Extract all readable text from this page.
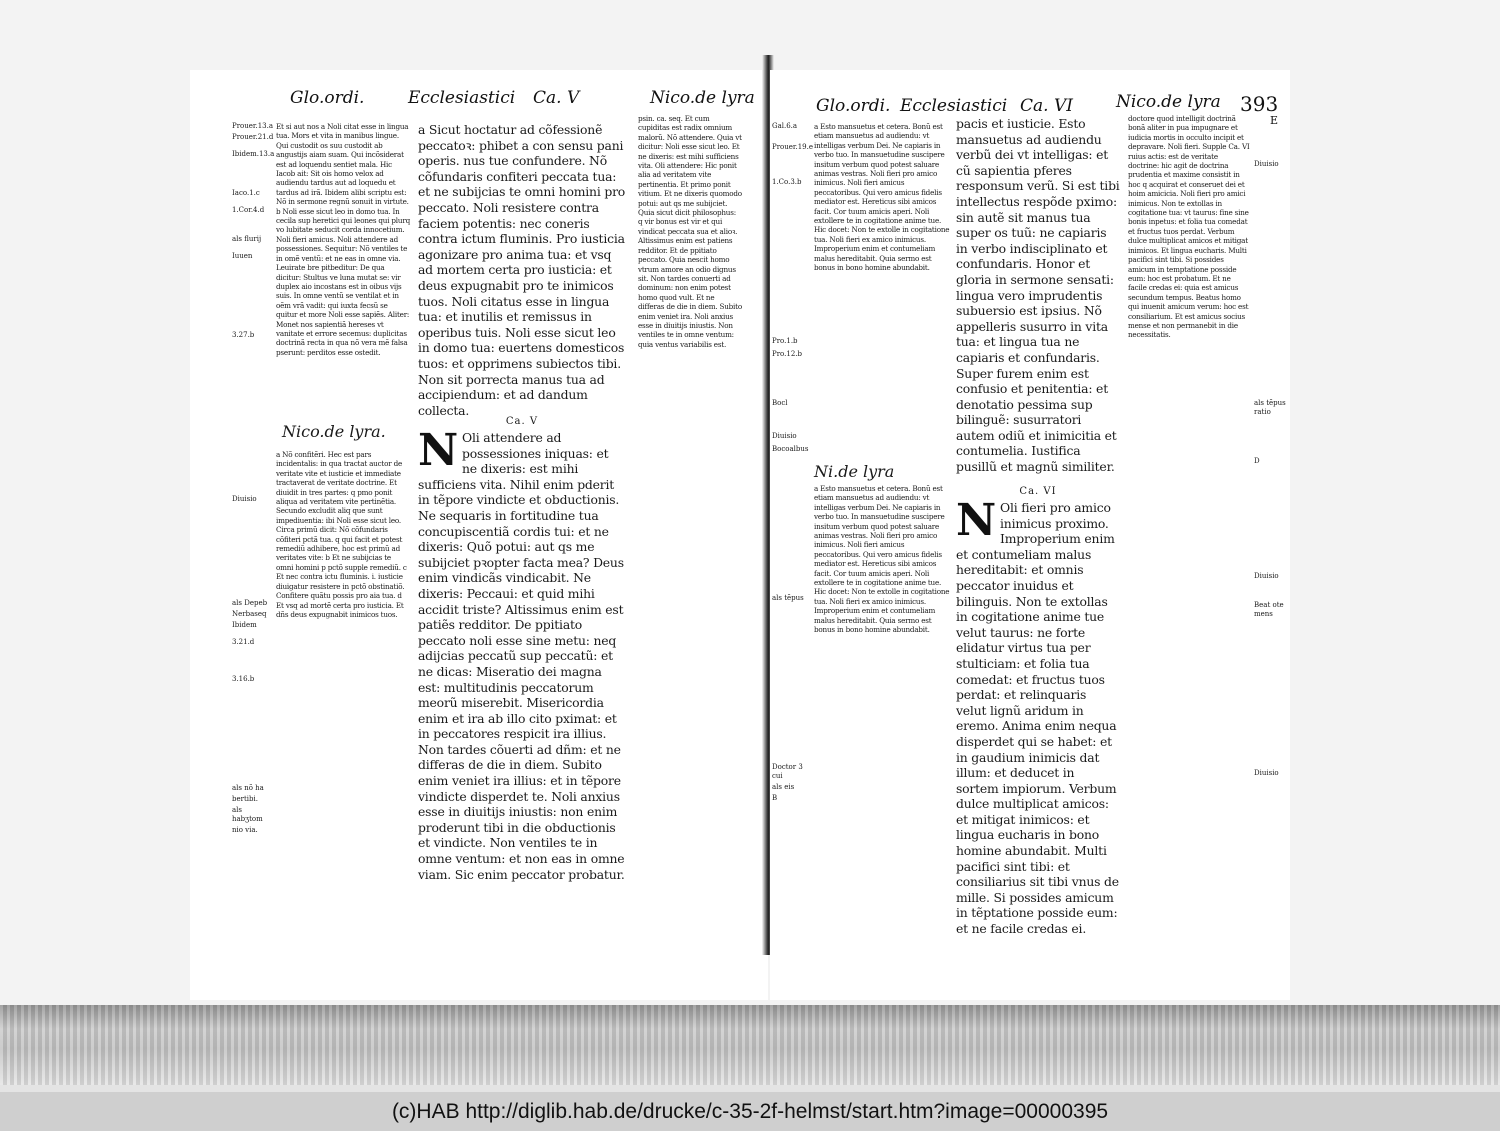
Glo.ordi.	Ecclesiastici Ca. V	Nico.de lyra

Prouer.13.a

Prouer.21.d

Ibidem.13.a

Iaco.1.c

1.Cor.4.d

als flurij

Iuuen

3.27.b

Diuisio

als Depeb

Nerbaseq

Ibidem

3.21.d

3.16.b

als nõ ha

bertibi.

als habʒtom

nio via.

Et si aut nos a Noli citat esse in lingua tua. Mors et vita in manibus lingue. Qui custodit os suu custodit ab angustijs aiam suam. Qui incõsiderat est ad loquendu sentiet mala. Hic Iacob ait: Sit ois homo velox ad audiendu tardus aut ad loquedu et tardus ad irã. Ibidem alibi scriptu est: Nõ in sermone regnũ sonuit in virtute. b Noli esse sicut leo in domo tua. In cecila sup heretici qui leones qui plurq vo lubitate seducit corda innocetium. Noli fieri amicus. Noli attendere ad possessiones. Sequitur: Nõ ventiles te in omẽ ventũ: et ne eas in omne via. Leuirate bre pitbeditur: De qua dicitur: Stultus ve luna mutat se: vir duplex aio incostans est in oibus vijs suis. In omne ventũ se ventilat et in oẽm vrã vadit: qui iuxta fecsũ se quitur et more Noli esse sapiẽs. Aliter: Monet nos sapientiã hereses vt vanitate et errore secemus: duplicitas doctrinã recta in qua nõ vera mẽ falsa pserunt: perditos esse ostedit.

Nico.de lyra.

a Nõ confitẽri. Hec est pars incidentalis: in qua tractat auctor de veritate vite et iusticie et immediate tractaverat de veritate doctrine. Et diuidit in tres partes: q pmo ponit aliqua ad veritatem vite pertinẽtia. Secundo excludit aliq que sunt impediuentia: ibi Noli esse sicut leo. Circa primũ dicit: Nõ cõfundaris cõfiteri pctã tua. q qui facit et potest remediũ adhibere, hoc est primũ ad veritates vite: b Et ne subijcias te omni homini p pctõ supple remediũ. c Et nec contra ictu fluminis. i. iusticie diuigatur resistere in pctõ obstinatiõ. Confitere quãtu possis pro aia tua. d Et vsq ad mortẽ certa pro iusticia. Et dñs deus expugnabit inimicos tuos.

a Sicut hoctatur ad cõfessionẽ peccatoꝛ: phibet a con sensu pani operis. nus tue confundere. Nõ cõfundaris confiteri peccata tua: et ne subijcias te omni homini pro peccato. Noli resistere contra faciem potentis: nec coneris contra ictum fluminis. Pro iusticia agonizare pro anima tua: et vsq ad mortem certa pro iusticia: et deus expugnabit pro te inimicos tuos. Noli citatus esse in lingua tua: et inutilis et remissus in operibus tuis. Noli esse sicut leo in domo tua: euertens domesticos tuos: et opprimens subiectos tibi. Non sit porrecta manus tua ad accipiendum: et ad dandum collecta.

Ca. V
N Oli attendere ad possessiones iniquas: et ne dixeris: est mihi sufficiens vita. Nihil enim pderit in tẽpore vindicte et obductionis. Ne sequaris in fortitudine tua concupiscentiã cordis tui: et ne dixeris: Quõ potui: aut qs me subijciet pꝛopter facta mea? Deus enim vindicãs vindicabit. Ne dixeris: Peccaui: et quid mihi accidit triste? Altissimus enim est patiẽs redditor. De ppitiato peccato noli esse sine metu: neq adijcias peccatũ sup peccatũ: et ne dicas: Miseratio dei magna est: multitudinis peccatorum meorũ miserebit. Misericordia enim et ira ab illo cito pximat: et in peccatores respicit ira illius. Non tardes cõuerti ad dñm: et ne differas de die in diem. Subito enim veniet ira illius: et in tẽpore vindicte disperdet te. Noli anxius esse in diuitijs iniustis: non enim proderunt tibi in die obductionis et vindicte. Non ventiles te in omne ventum: et non eas in omne viam. Sic enim peccator probatur.

psin. ca. seq. Et cum cupiditas est radix omnium malorũ. Nõ attendere. Quia vt dicitur: Noli esse sicut leo. Et ne dixeris: est mihi sufficiens vita. Oli attendere: Hic ponit alia ad veritatem vite pertinentia. Et primo ponit vitium. Et ne dixeris quomodo potui: aut qs me subijciet. Quia sicut dicit philosophus: q vir bonus est vir et qui vindicat peccata sua et alioꝛ. Altissimus enim est patiens redditor. Et de ppitiato peccato. Quia nescit homo vtrum amore an odio dignus sit. Non tardes conuerti ad dominum: non enim potest homo quod vult. Et ne differas de die in diem. Subito enim veniet ira. Noli anxius esse in diuitijs iniustis. Non ventiles te in omne ventum: quia ventus variabilis est.

Glo.ordi. Ecclesiastici Ca. VI	Nico.de lyra 393
E

Gal.6.a

Prouer.19.e

1.Co.3.b

Pro.1.b

Pro.12.b

Bocl

Diuisio

Bocoalbus

als tẽpus

Doctor 3 cui

als eis

B

a Esto mansuetus et cetera. Bonũ est etiam mansuetus ad audiendu: vt intelligas verbum Dei. Ne capiaris in verbo tuo. In mansuetudine suscipere insitum verbum quod potest saluare animas vestras. Noli fieri pro amico inimicus. Noli fieri amicus peccatoribus. Qui vero amicus fidelis mediator est. Hereticus sibi amicos facit. Cor tuum amicis aperi. Noli extollere te in cogitatione anime tue. Hic docet: Non te extolle in cogitatione tua. Noli fieri ex amico inimicus. Improperium enim et contumeliam malus hereditabit. Quia sermo est bonus in bono homine abundabit.

Ni.de lyra

a Esto mansuetus et cetera. Bonũ est etiam mansuetus ad audiendu: vt intelligas verbum Dei. Ne capiaris in verbo tuo. In mansuetudine suscipere insitum verbum quod potest saluare animas vestras. Noli fieri pro amico inimicus. Noli fieri amicus peccatoribus. Qui vero amicus fidelis mediator est. Hereticus sibi amicos facit. Cor tuum amicis aperi. Noli extollere te in cogitatione anime tue. Hic docet: Non te extolle in cogitatione tua. Noli fieri ex amico inimicus. Improperium enim et contumeliam malus hereditabit. Quia sermo est bonus in bono homine abundabit.

pacis et iusticie. Esto mansuetus ad audiendu verbũ dei vt intelligas: et cũ sapientia pferes responsum verũ. Si est tibi intellectus respõde pximo: sin autẽ sit manus tua super os tuũ: ne capiaris in verbo indisciplinato et confundaris. Honor et gloria in sermone sensati: lingua vero imprudentis subuersio est ipsius. Nõ appelleris susurro in vita tua: et lingua tua ne capiaris et confundaris. Super furem enim est confusio et penitentia: et denotatio pessima sup bilinguẽ: susurratori autem odiũ et inimicitia et contumelia. Iustifica pusillũ et magnũ similiter.

Ca. VI
N Oli fieri pro amico inimicus proximo. Improperium enim et contumeliam malus hereditabit: et omnis peccator inuidus et bilinguis. Non te extollas in cogitatione anime tue velut taurus: ne forte elidatur virtus tua per stulticiam: et folia tua comedat: et fructus tuos perdat: et relinquaris velut lignũ aridum in eremo. Anima enim nequa disperdet qui se habet: et in gaudium inimicis dat illum: et deducet in sortem impiorum. Verbum dulce multiplicat amicos: et mitigat inimicos: et lingua eucharis in bono homine abundabit. Multi pacifici sint tibi: et consiliarius sit tibi vnus de mille. Si possides amicum in tẽptatione posside eum: et ne facile credas ei.

doctore quod intelligit doctrinã bonã aliter in pua impugnare et iudicia mortis in occulto incipit et depravare. Noli fieri. Supple Ca. VI ruius actis: est de veritate doctrine: hic agit de doctrina prudentia et maxime consistit in hoc q acquirat et conseruet dei et hoim amicicia. Noli fieri pro amici inimicus. Non te extollas in cogitatione tua: vt taurus: fine sine bonis inpetus: et folia tua comedat et fructus tuos perdat. Verbum dulce multiplicat amicos et mitigat inimicos. Et lingua eucharis. Multi pacifici sint tibi. Si possides amicum in temptatione posside eum: hoc est probatum. Et ne facile credas ei: quia est amicus secundum tempus. Beatus homo qui inuenit amicum verum: hoc est consiliarium. Et est amicus socius mense et non permanebit in die necessitatis.

Diuisio

als tẽpus ratio

D

Diuisio

Beat ote mens

Diuisio

(c)HAB http://diglib.hab.de/drucke/c-35-2f-helmst/start.htm?image=00000395
